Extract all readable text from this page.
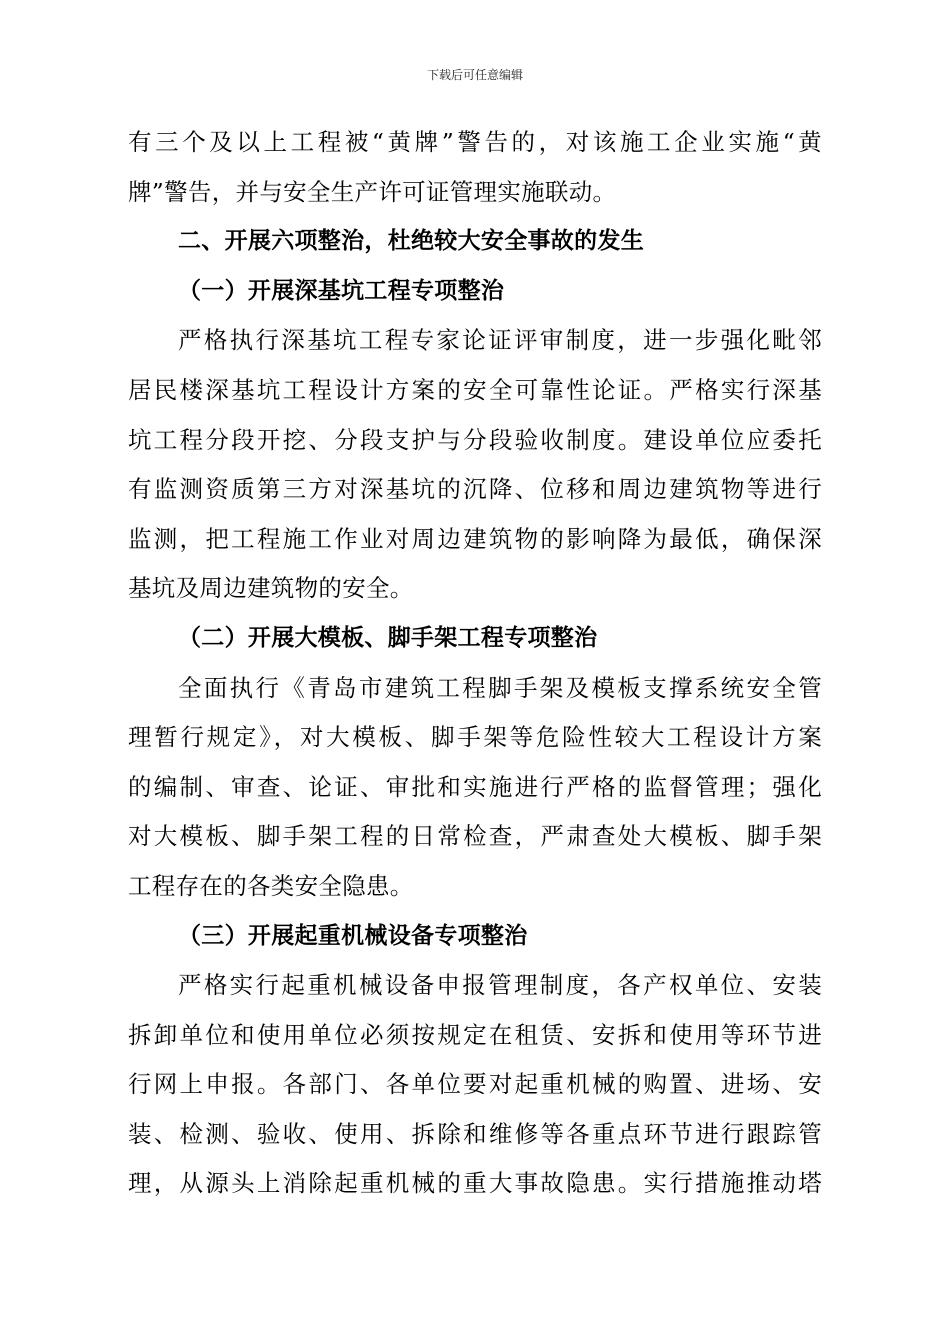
下载后可任意编辑
有三个及以上工程被“黄牌”警告的，对该施工企业实施“黄
牌”警告，并与安全生产许可证管理实施联动。
二、开展六项整治，杜绝较大安全事故的发生
（一）开展深基坑工程专项整治
严格执行深基坑工程专家论证评审制度，进一步强化毗邻
居民楼深基坑工程设计方案的安全可靠性论证。严格实行深基
坑工程分段开挖、分段支护与分段验收制度。建设单位应委托
有监测资质第三方对深基坑的沉降、位移和周边建筑物等进行
监测，把工程施工作业对周边建筑物的影响降为最低，确保深
基坑及周边建筑物的安全。
（二）开展大模板、脚手架工程专项整治
全面执行《青岛市建筑工程脚手架及模板支撑系统安全管
理暂行规定》，对大模板、脚手架等危险性较大工程设计方案
的编制、审查、论证、审批和实施进行严格的监督管理；强化
对大模板、脚手架工程的日常检查，严肃查处大模板、脚手架
工程存在的各类安全隐患。
（三）开展起重机械设备专项整治
严格实行起重机械设备申报管理制度，各产权单位、安装
拆卸单位和使用单位必须按规定在租赁、安拆和使用等环节进
行网上申报。各部门、各单位要对起重机械的购置、进场、安
装、检测、验收、使用、拆除和维修等各重点环节进行跟踪管
理，从源头上消除起重机械的重大事故隐患。实行措施推动塔
